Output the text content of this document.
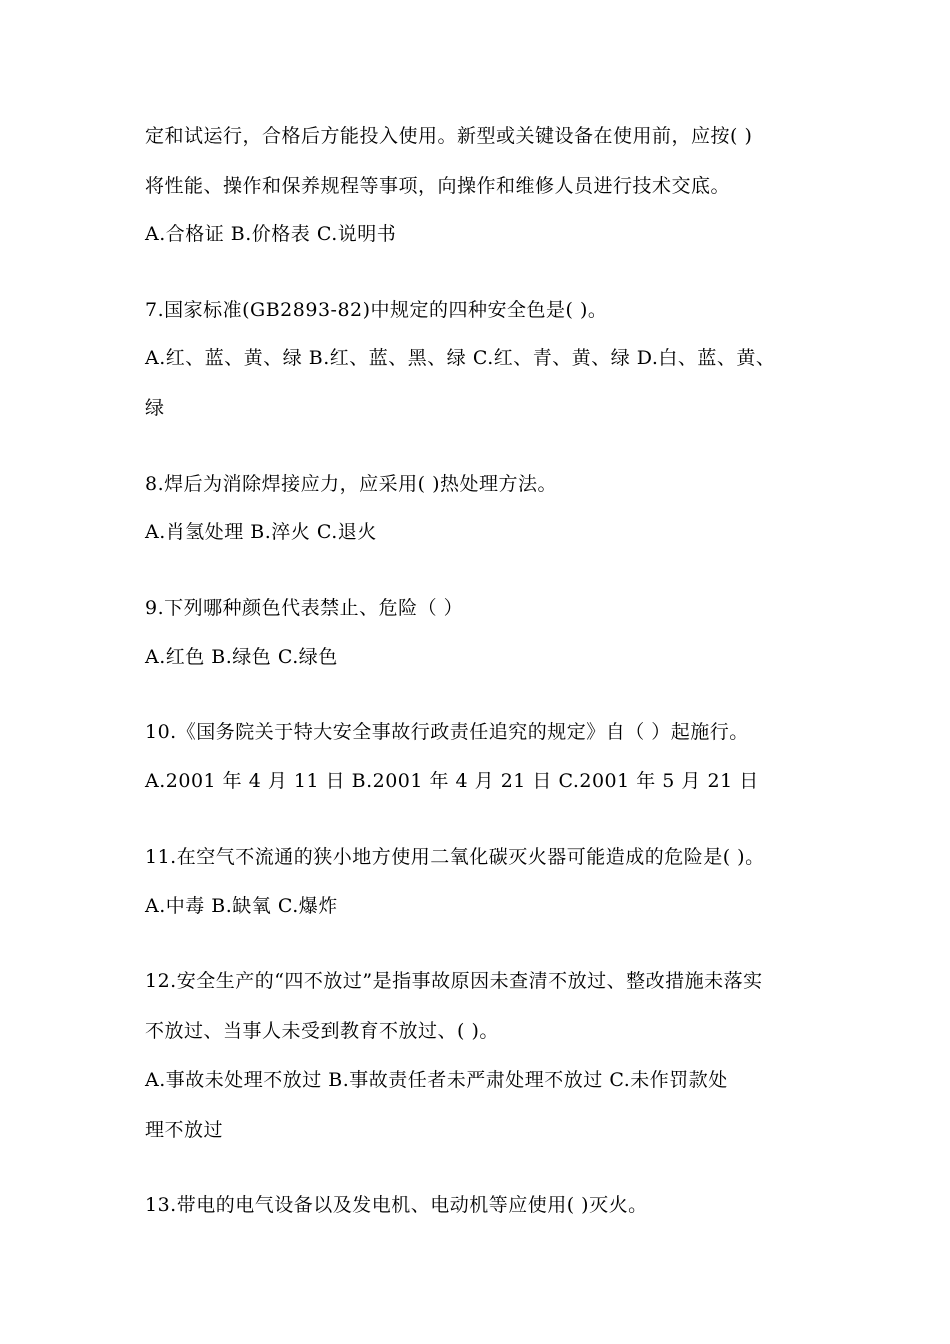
定和试运行，合格后方能投入使用。新型或关键设备在使用前，应按( )
将性能、操作和保养规程等事项，向操作和维修人员进行技术交底。
A.合格证 B.价格表 C.说明书
7.国家标准(GB2893-82)中规定的四种安全色是( )。
A.红、蓝、黄、绿 B.红、蓝、黑、绿 C.红、青、黄、绿 D.白、蓝、黄、
绿
8.焊后为消除焊接应力，应采用( )热处理方法。
A.肖氢处理 B.淬火 C.退火
9.下列哪种颜色代表禁止、危险（ ）
A.红色 B.绿色 C.绿色
10.《国务院关于特大安全事故行政责任追究的规定》自（ ）起施行。
A.2001 年 4 月 11 日 B.2001 年 4 月 21 日 C.2001 年 5 月 21 日
11.在空气不流通的狭小地方使用二氧化碳灭火器可能造成的危险是( )。
A.中毒 B.缺氧 C.爆炸
12.安全生产的“四不放过”是指事故原因未查清不放过、整改措施未落实
不放过、当事人未受到教育不放过、( )。
A.事故未处理不放过 B.事故责任者未严肃处理不放过 C.未作罚款处
理不放过
13.带电的电气设备以及发电机、电动机等应使用( )灭火。
